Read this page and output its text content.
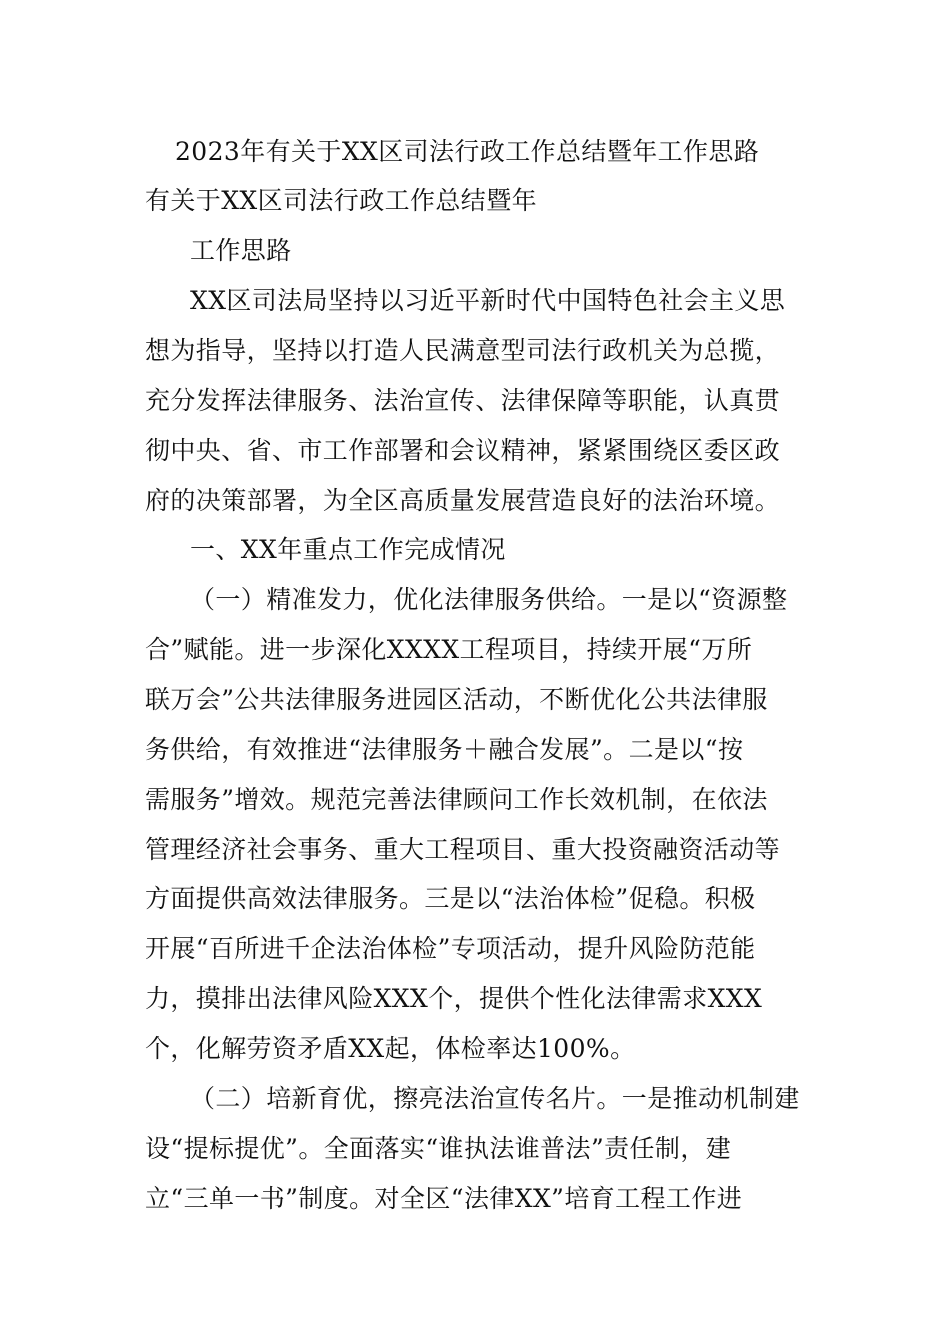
2023年有关于XX区司法行政工作总结暨年工作思路
有关于XX区司法行政工作总结暨年
工作思路
XX区司法局坚持以习近平新时代中国特色社会主义思
想为指导，坚持以打造人民满意型司法行政机关为总揽，
充分发挥法律服务、法治宣传、法律保障等职能，认真贯
彻中央、省、市工作部署和会议精神，紧紧围绕区委区政
府的决策部署，为全区高质量发展营造良好的法治环境。
一、XX年重点工作完成情况
（一）精准发力，优化法律服务供给。一是以“资源整
合”赋能。进一步深化XXXX工程项目，持续开展“万所
联万会”公共法律服务进园区活动，不断优化公共法律服
务供给，有效推进“法律服务＋融合发展”。二是以“按
需服务”增效。规范完善法律顾问工作长效机制，在依法
管理经济社会事务、重大工程项目、重大投资融资活动等
方面提供高效法律服务。三是以“法治体检”促稳。积极
开展“百所进千企法治体检”专项活动，提升风险防范能
力，摸排出法律风险XXX个，提供个性化法律需求XXX
个，化解劳资矛盾XX起，体检率达100%。
（二）培新育优，擦亮法治宣传名片。一是推动机制建
设“提标提优”。全面落实“谁执法谁普法”责任制，建
立“三单一书”制度。对全区“法律XX”培育工程工作进
